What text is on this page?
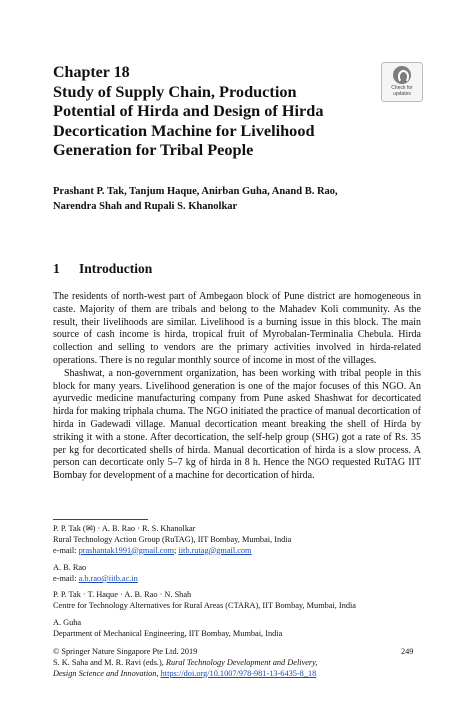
Chapter 18
Study of Supply Chain, Production
Potential of Hirda and Design of Hirda
Decortication Machine for Livelihood
Generation for Tribal People
Check for
updates
Prashant P. Tak, Tanjum Haque, Anirban Guha, Anand B. Rao,
Narendra Shah and Rupali S. Khanolkar
1 Introduction

The residents of north-west part of Ambegaon block of Pune district are homogeneous in caste. Majority of them are tribals and belong to the Mahadev Koli community. As the result, their livelihoods are similar. Livelihood is a burning issue in this block. The main source of cash income is hirda, tropical fruit of Myrobalan-Terminalia Chebula. Hirda collection and selling to vendors are the primary activities involved in hirda-related operations. There is no regular monthly source of income in most of the villages.

Shashwat, a non-government organization, has been working with tribal people in this block for many years. Livelihood generation is one of the major focuses of this NGO. An ayurvedic medicine manufacturing company from Pune asked Shashwat for decorticated hirda for making triphala chuma. The NGO initiated the practice of manual decortication of hirda in Gadewadi village. Manual decortication meant breaking the shell of Hirda by striking it with a stone. After decortication, the self-help group (SHG) got a rate of Rs. 35 per kg for decorticated shells of hirda. Manual decortication of hirda is a slow process. A person can decorticate only 5–7 kg of hirda in 8 h. Hence the NGO requested RuTAG IIT Bombay for development of a machine for decortication of hirda.

P. P. Tak (✉) · A. B. Rao · R. S. Khanolkar
Rural Technology Action Group (RuTAG), IIT Bombay, Mumbai, India
e-mail: prashantak1991@gmail.com; iitb.rutag@gmail.com
A. B. Rao
e-mail: a.b.rao@iitb.ac.in
P. P. Tak · T. Haque · A. B. Rao · N. Shah
Centre for Technology Alternatives for Rural Areas (CTARA), IIT Bombay, Mumbai, India
A. Guha
Department of Mechanical Engineering, IIT Bombay, Mumbai, India
© Springer Nature Singapore Pte Ltd. 2019
S. K. Saha and M. R. Ravi (eds.), Rural Technology Development and Delivery,
Design Science and Innovation, https://doi.org/10.1007/978-981-13-6435-8_18
249
